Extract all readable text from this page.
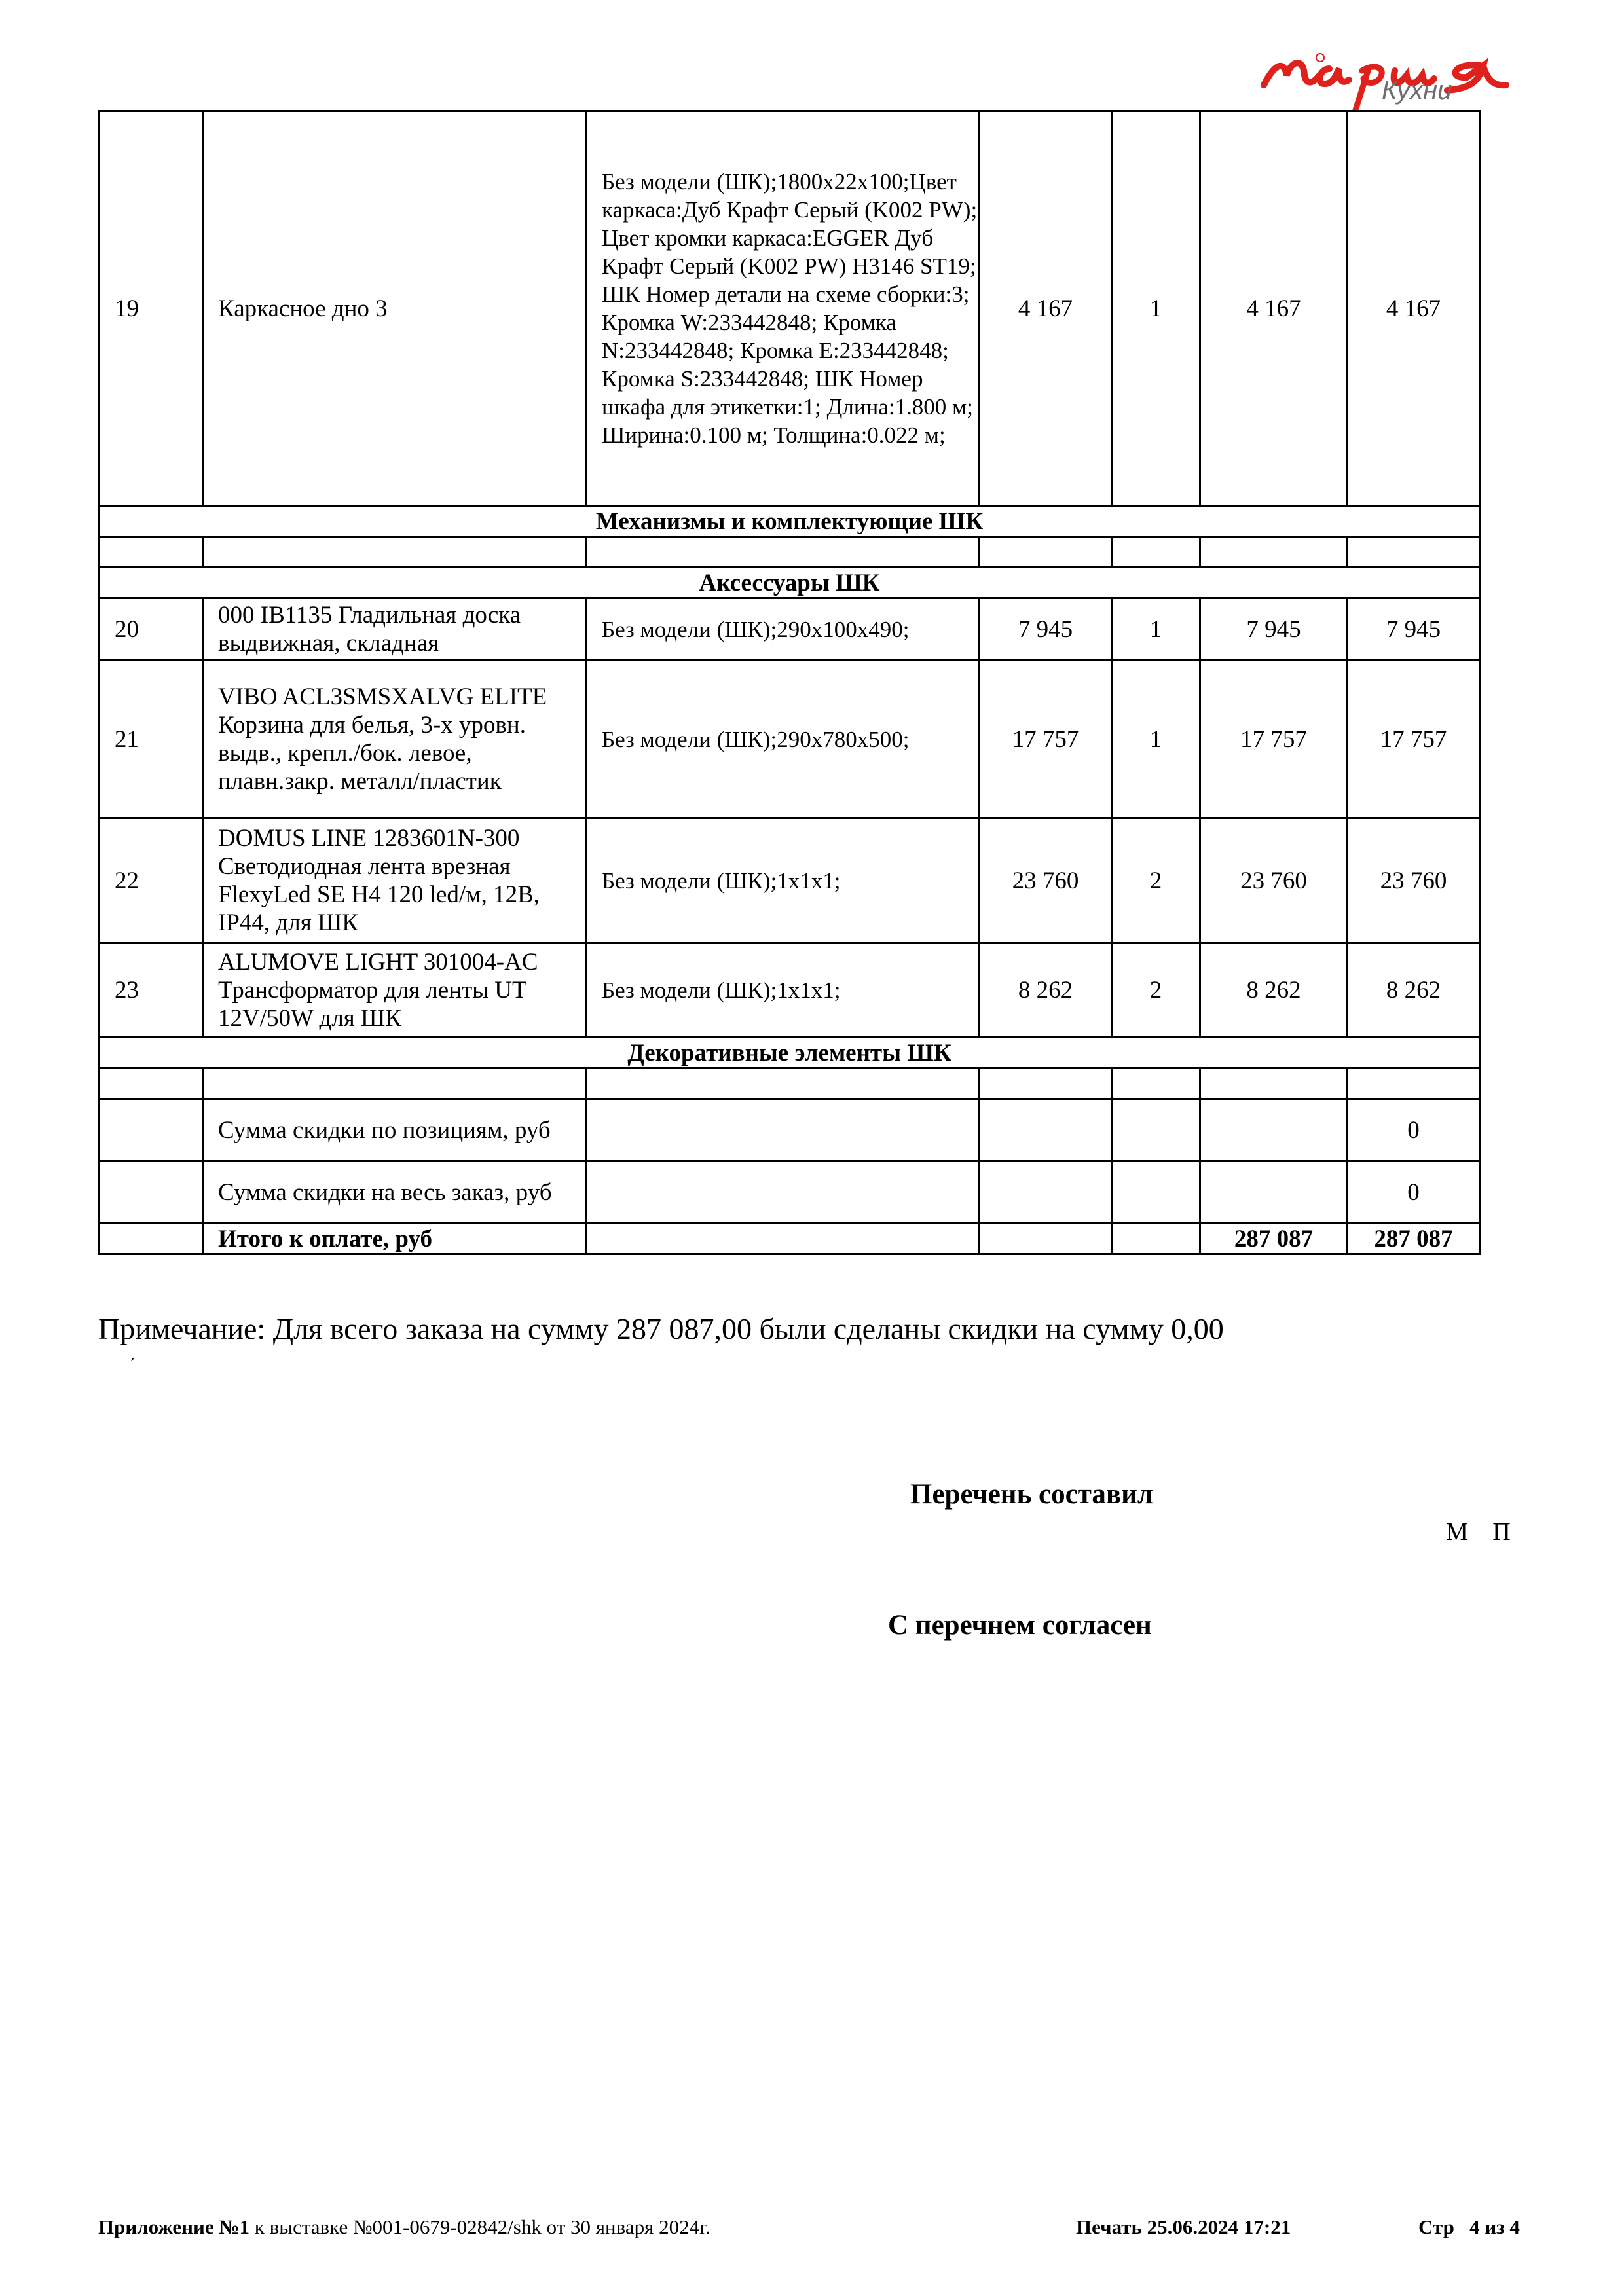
Кухни
19	Каркасное дно 3	Без модели (ШК);1800x22x100;Цвет каркаса:Дуб Крафт Серый (K002 PW); Цвет кромки каркаса:EGGER Дуб Крафт Серый (K002 PW) H3146 ST19; ШК Номер детали на схеме сборки:3; Кромка W:233442848; Кромка N:233442848; Кромка E:233442848; Кромка S:233442848; ШК Номер шкафа для этикетки:1; Длина:1.800 м; Ширина:0.100 м; Толщина:0.022 м;	4 167	1	4 167	4 167
Механизмы и комплектующие ШК						

Аксессуары ШК						
20	000 IB1135 Гладильная доска выдвижная, складная	Без модели (ШК);290x100x490;	7 945	1	7 945	7 945
21	VIBO ACL3SMSXALVG ELITE Корзина для белья, 3-х уровн. выдв., крепл./бок. левое, плавн.закр. металл/пластик	Без модели (ШК);290x780x500;	17 757	1	17 757	17 757
22	DOMUS LINE 1283601N-300 Светодиодная лента врезная FlexyLed SE H4 120 led/м, 12В, IP44, для ШК	Без модели (ШК);1x1x1;	23 760	2	23 760	23 760
23	ALUMOVE LIGHT 301004-AC Трансформатор для ленты UT 12V/50W для ШК	Без модели (ШК);1x1x1;	8 262	2	8 262	8 262
Декоративные элементы ШК						

	Сумма скидки по позициям, руб					0
	Сумма скидки на весь заказ, руб					0
	Итого к оплате, руб				287 087	287 087
Примечание: Для всего заказа на сумму 287 087,00 были сделаны скидки на сумму 0,00
´
Перечень составил
М П
С перечнем согласен
Приложение №1 к выставке №001-0679-02842/shk от 30 января 2024г.	Печать 25.06.2024 17:21	Стр   4 из 4
